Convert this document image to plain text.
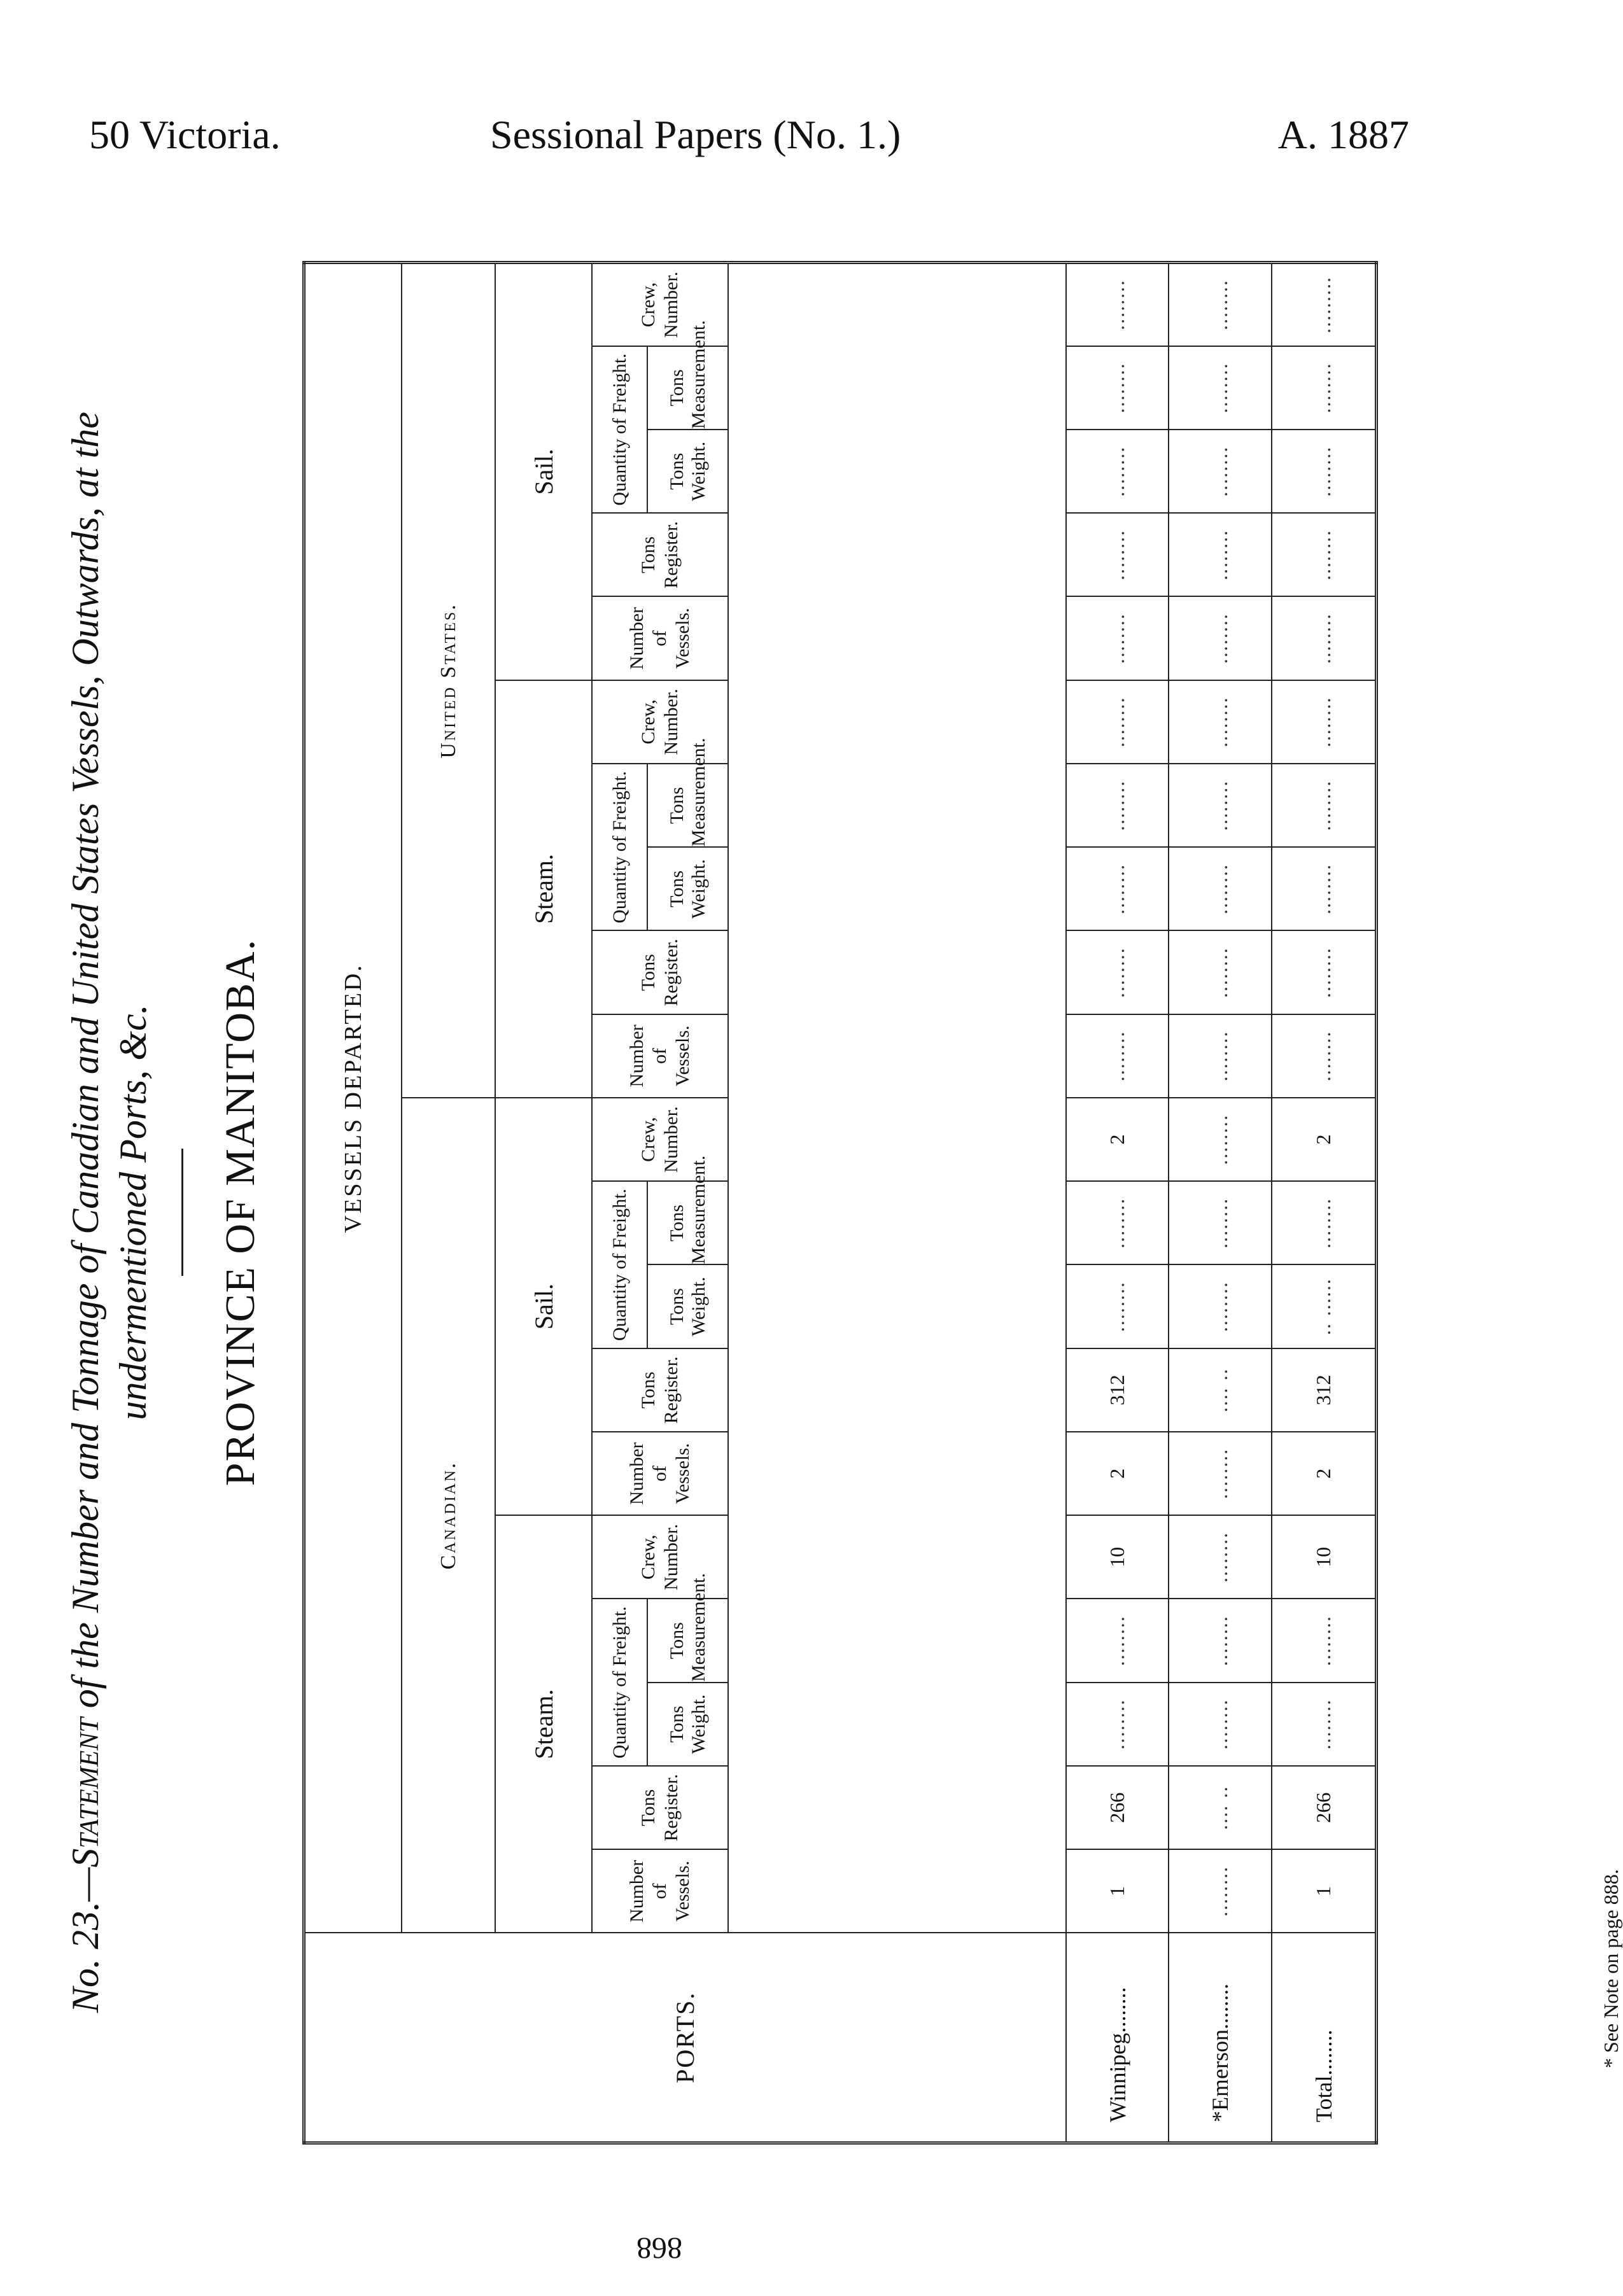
50 Victoria.	Sessional Papers (No. 1.)	A. 1887
No. 23.—Statement of the Number and Tonnage of Canadian and United States Vessels, Outwards, at the undermentioned Ports, &c. PROVINCE OF MANITOBA.
PORTS.	VESSELS DEPARTED.																			
	Canadian.										United States.									
	Steam.					Sail.					Steam.					Sail.				
	Number of Vessels.	Tons Register.	Quantity of Freight.		Crew, Number.	Number of Vessels.	Tons Register.	Quantity of Freight.		Crew, Number.	Number of Vessels.	Tons Register.	Quantity of Freight.		Crew, Number.	Number of Vessels.	Tons Register.	Quantity of Freight.		Crew, Number.
			Tons Weight.	Tons Measurement.				Tons Weight.	Tons Measurement.				Tons Weight.	Tons Measurement.				Tons Weight.	Tons Measurement.	

Winnipeg........	1	266	........	........	10	2	312	........	........	2	........	........	........	........	........	........	........	........	........	........
*Emerson........	........	.... ..	........	........	........	........	.... ..	........	........	........	........	........	........	........	........	........	........	........	........	........
Total........	1	266	........	........	10	2	312	.. ......	........	2	........	........	........	........	........	........	........	........	........	.........
* See Note on page 888.
868
